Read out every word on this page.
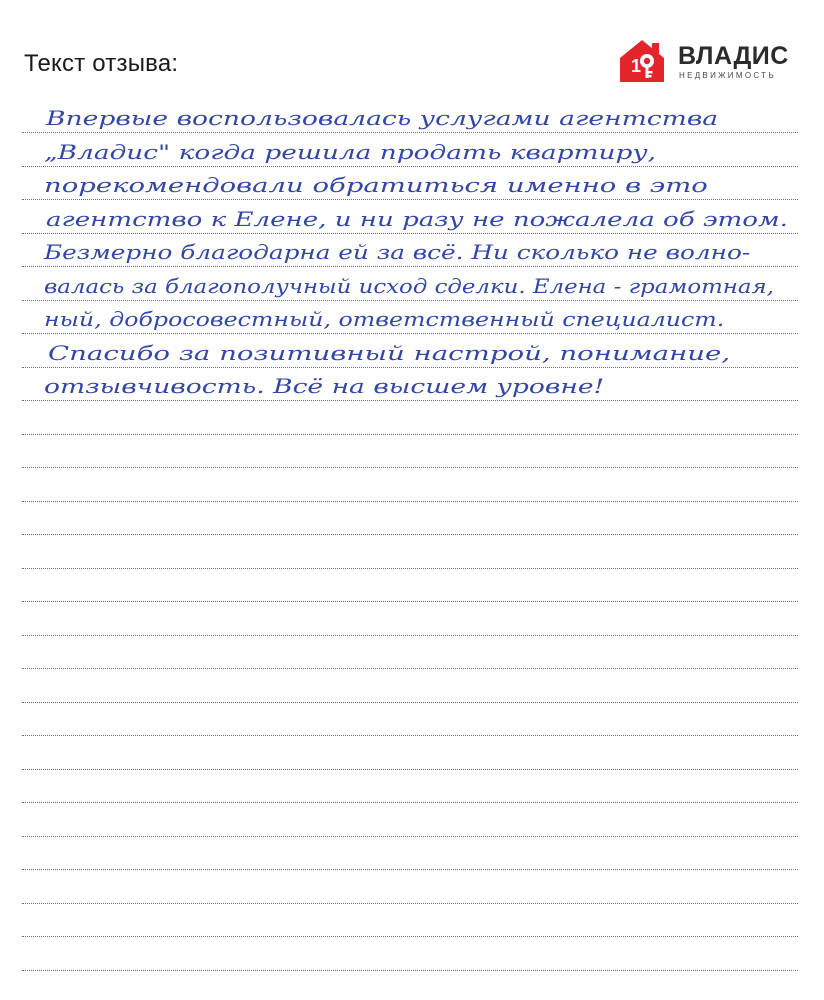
Текст отзыва:	1 ВЛАДИС
НЕДВИЖИМОСТЬ
Впервые воспользовалась услугами агентства
„Владис" когда решила продать квартиру,
порекомендовали обратиться именно в это
агентство к Елене, и ни разу не пожалела об этом.
Безмерно благодарна ей за всё. Ни сколько не волно-
валась за благополучный исход сделки. Елена - грамотная,
ный, добросовестный, ответственный специалист.
Спасибо за позитивный настрой, понимание,
отзывчивость. Всё на высшем уровне!
